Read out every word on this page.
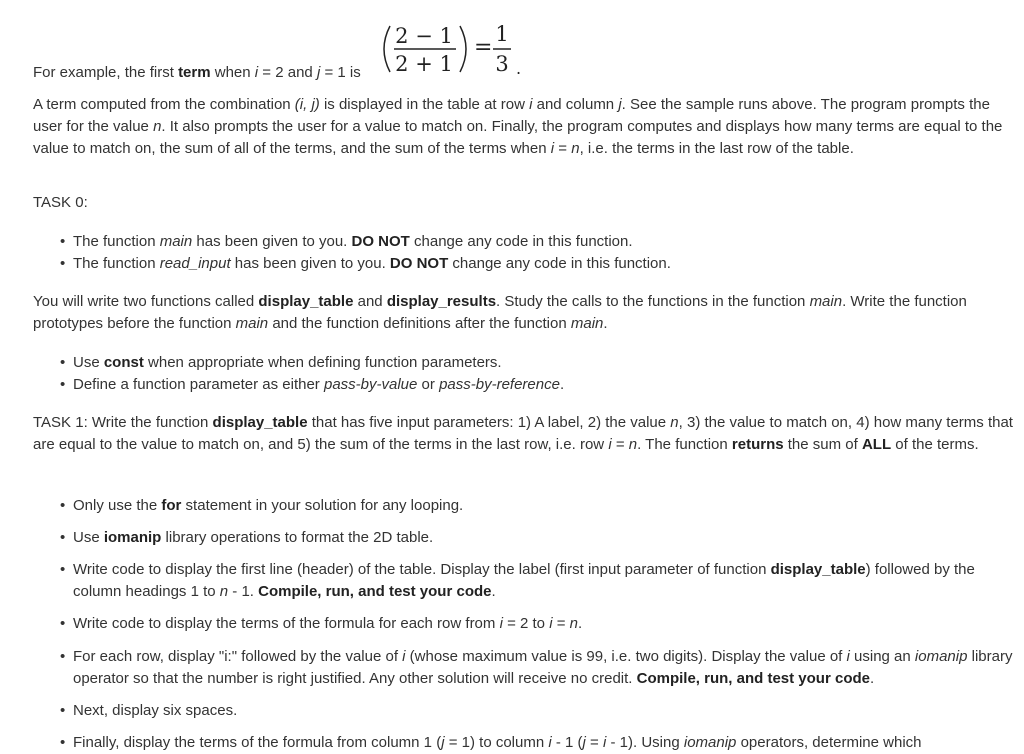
2 − 1
2 + 1
=
1
3 .

For example, the first term when i = 2 and j = 1 is

A term computed from the combination (i, j) is displayed in the table at row i and column j. See the sample runs above. The program prompts the user for the value n. It also prompts the user for a value to match on. Finally, the program computes and displays how many terms are equal to the value to match on, the sum of all of the terms, and the sum of the terms when i = n, i.e. the terms in the last row of the table.

TASK 0:

• The function main has been given to you. DO NOT change any code in this function.
• The function read_input has been given to you. DO NOT change any code in this function.

You will write two functions called display_table and display_results. Study the calls to the functions in the function main. Write the function prototypes before the function main and the function definitions after the function main.

• Use const when appropriate when defining function parameters.
• Define a function parameter as either pass-by-value or pass-by-reference.

TASK 1: Write the function display_table that has five input parameters: 1) A label, 2) the value n, 3) the value to match on, 4) how many terms that are equal to the value to match on, and 5) the sum of the terms in the last row, i.e. row i = n. The function returns the sum of ALL of the terms.

• Only use the for statement in your solution for any looping.
• Use iomanip library operations to format the 2D table.
• Write code to display the first line (header) of the table. Display the label (first input parameter of function display_table) followed by the column headings 1 to n - 1. Compile, run, and test your code.
• Write code to display the terms of the formula for each row from i = 2 to i = n.
• For each row, display "i:" followed by the value of i (whose maximum value is 99, i.e. two digits). Display the value of i using an iomanip library operator so that the number is right justified. Any other solution will receive no credit. Compile, run, and test your code.
• Next, display six spaces.
• Finally, display the terms of the formula from column 1 (j = 1) to column i - 1 (j = i - 1). Using iomanip operators, determine which
